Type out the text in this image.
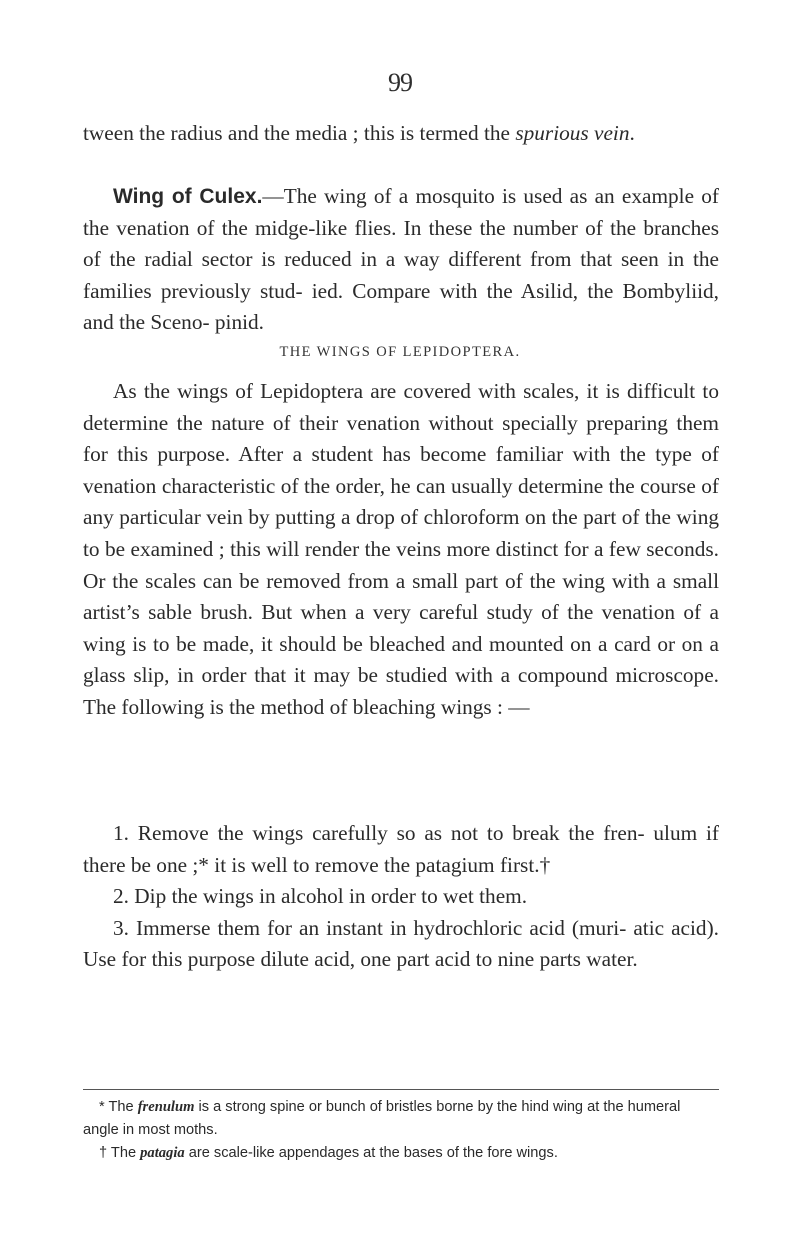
99

tween the radius and the media ; this is termed the spurious vein.

Wing of Culex.—The wing of a mosquito is used as an example of the venation of the midge-like flies. In these the number of the branches of the radial sector is reduced in a way different from that seen in the families previously stud- ied. Compare with the Asilid, the Bombyliid, and the Sceno- pinid.

THE WINGS OF LEPIDOPTERA.

As the wings of Lepidoptera are covered with scales, it is difficult to determine the nature of their venation without specially preparing them for this purpose. After a student has become familiar with the type of venation characteristic of the order, he can usually determine the course of any particular vein by putting a drop of chloroform on the part of the wing to be examined ; this will render the veins more distinct for a few seconds. Or the scales can be removed from a small part of the wing with a small artist’s sable brush. But when a very careful study of the venation of a wing is to be made, it should be bleached and mounted on a card or on a glass slip, in order that it may be studied with a compound microscope. The following is the method of bleaching wings : —

1. Remove the wings carefully so as not to break the fren- ulum if there be one ;* it is well to remove the patagium first.†

2. Dip the wings in alcohol in order to wet them.

3. Immerse them for an instant in hydrochloric acid (muri- atic acid). Use for this purpose dilute acid, one part acid to nine parts water.

* The frenulum is a strong spine or bunch of bristles borne by the hind wing at the humeral angle in most moths.

† The patagia are scale-like appendages at the bases of the fore wings.
